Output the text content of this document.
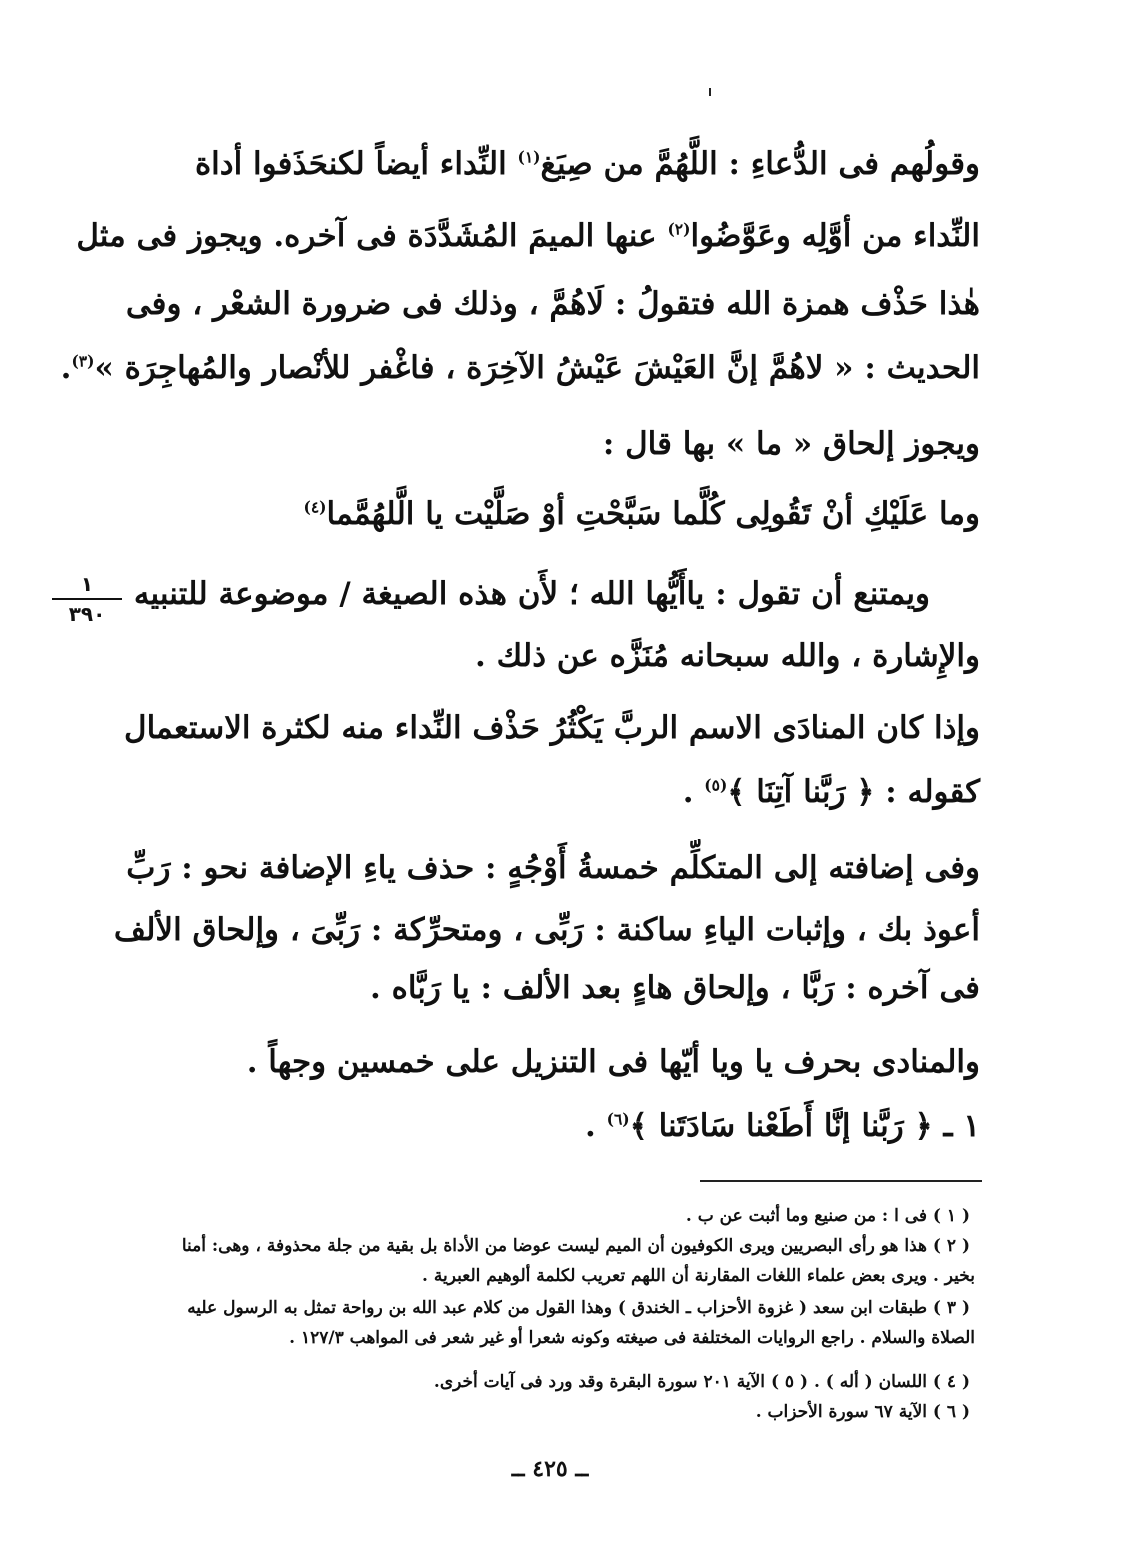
وقولُهم فى الدُّعاءِ : اللَّهُمَّ من صِيَغ$^{(١)}$ النِّداء أيضاً لكنحَذَفوا أداة
النِّداء من أوَّلِه وعَوَّضُوا$^{(٢)}$ عنها الميمَ المُشَدَّدَة فى آخره. ويجوز فى مثل
هٰذا حَذْف همزة الله فتقولُ : لَاهُمَّ ، وذلك فى ضرورة الشعْر ، وفى
الحديث : « لاهُمَّ إنَّ العَيْشَ عَيْشُ الآخِرَة ، فاغْفر للأنْصار والمُهاجِرَة »$^{(٣)}$.
ويجوز إلحاق « ما » بها قال :
وما عَلَيْكِ أنْ تَقُولِى كُلَّما سَبَّحْتِ أوْ صَلَّيْت يا الَّلهُمَّما$^{(٤)}$
ويمتنع أن تقول : ياأَيُّها الله ؛ لأَن هذه الصيغة / موضوعة للتنبيه
والإِشارة ، والله سبحانه مُنَزَّه عن ذلك .
وإذا كان المنادَى الاسم الربَّ يَكْثُرُ حَذْف النِّداء منه لكثرة الاستعمال
كقوله : ﴿ رَبَّنا آتِنَا ﴾$^{(٥)}$ .
وفى إضافته إلى المتكلِّم خمسةُ أَوْجُهٍ : حذف ياءِ الإضافة نحو : رَبِّ
أعوذ بك ، وإثبات الياءِ ساكنة : رَبِّى ، ومتحرِّكة : رَبِّىَ ، وإلحاق الألف
فى آخره : رَبَّا ، وإلحاق هاءٍ بعد الألف : يا رَبَّاه .
والمنادى بحرف يا ويا أيّها فى التنزيل على خمسين وجهاً .
١ ـ ﴿ رَبَّنا إنَّا أَطَعْنا سَادَتَنا ﴾$^{(٦)}$ .
١
٣٩٠
( ١ ) فى ا : من صنيع وما أثبت عن ب .
( ٢ ) هذا هو رأى البصريين ويرى الكوفيون أن الميم ليست عوضا من الأداة بل بقية من جلة محذوفة ، وهى: أمنا
بخير . ويرى بعض علماء اللغات المقارنة أن اللهم تعريب لكلمة ألوهيم العبرية .
( ٣ ) طبقات ابن سعد ( غزوة الأحزاب ـ الخندق ) وهذا القول من كلام عبد الله بن رواحة تمثل به الرسول عليه
الصلاة والسلام . راجع الروايات المختلفة فى صيغته وكونه شعرا أو غير شعر فى المواهب ١٢٧/٣ .
( ٤ ) اللسان ( أله ) . ( ٥ ) الآية ٢٠١ سورة البقرة وقد ورد فى آيات أخرى.
( ٦ ) الآية ٦٧ سورة الأحزاب .
ــ ٤٢٥ ــ
